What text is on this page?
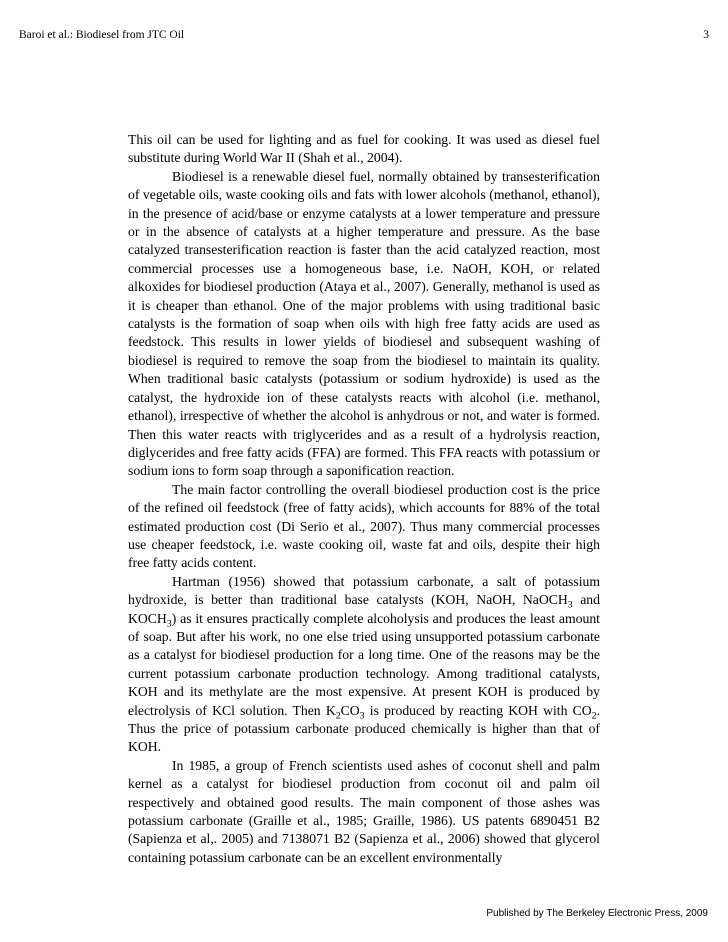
Baroi et al.: Biodiesel from JTC Oil	3

This oil can be used for lighting and as fuel for cooking. It was used as diesel fuel substitute during World War II (Shah et al., 2004).

Biodiesel is a renewable diesel fuel, normally obtained by transesterification of vegetable oils, waste cooking oils and fats with lower alcohols (methanol, ethanol), in the presence of acid/base or enzyme catalysts at a lower temperature and pressure or in the absence of catalysts at a higher temperature and pressure. As the base catalyzed transesterification reaction is faster than the acid catalyzed reaction, most commercial processes use a homogeneous base, i.e. NaOH, KOH, or related alkoxides for biodiesel production (Ataya et al., 2007). Generally, methanol is used as it is cheaper than ethanol. One of the major problems with using traditional basic catalysts is the formation of soap when oils with high free fatty acids are used as feedstock. This results in lower yields of biodiesel and subsequent washing of biodiesel is required to remove the soap from the biodiesel to maintain its quality. When traditional basic catalysts (potassium or sodium hydroxide) is used as the catalyst, the hydroxide ion of these catalysts reacts with alcohol (i.e. methanol, ethanol), irrespective of whether the alcohol is anhydrous or not, and water is formed. Then this water reacts with triglycerides and as a result of a hydrolysis reaction, diglycerides and free fatty acids (FFA) are formed. This FFA reacts with potassium or sodium ions to form soap through a saponification reaction.

The main factor controlling the overall biodiesel production cost is the price of the refined oil feedstock (free of fatty acids), which accounts for 88% of the total estimated production cost (Di Serio et al., 2007). Thus many commercial processes use cheaper feedstock, i.e. waste cooking oil, waste fat and oils, despite their high free fatty acids content.

Hartman (1956) showed that potassium carbonate, a salt of potassium hydroxide, is better than traditional base catalysts (KOH, NaOH, NaOCH$_3$ and $KOCH_3$) as it ensures practically complete alcoholysis and produces the least amount of soap. But after his work, no one else tried using unsupported potassium carbonate as a catalyst for biodiesel production for a long time. One of the reasons may be the current potassium carbonate production technology. Among traditional catalysts, KOH and its methylate are the most expensive. At present KOH is produced by electrolysis of KCl solution. Then $K_2CO_3$ is produced by reacting KOH with $CO_2$. Thus the price of potassium carbonate produced chemically is higher than that of KOH.

In 1985, a group of French scientists used ashes of coconut shell and palm kernel as a catalyst for biodiesel production from coconut oil and palm oil respectively and obtained good results. The main component of those ashes was potassium carbonate (Graille et al., 1985; Graille, 1986). US patents 6890451 B2 (Sapienza et al,. 2005) and 7138071 B2 (Sapienza et al., 2006) showed that glycerol containing potassium carbonate can be an excellent environmentally

Published by The Berkeley Electronic Press, 2009
